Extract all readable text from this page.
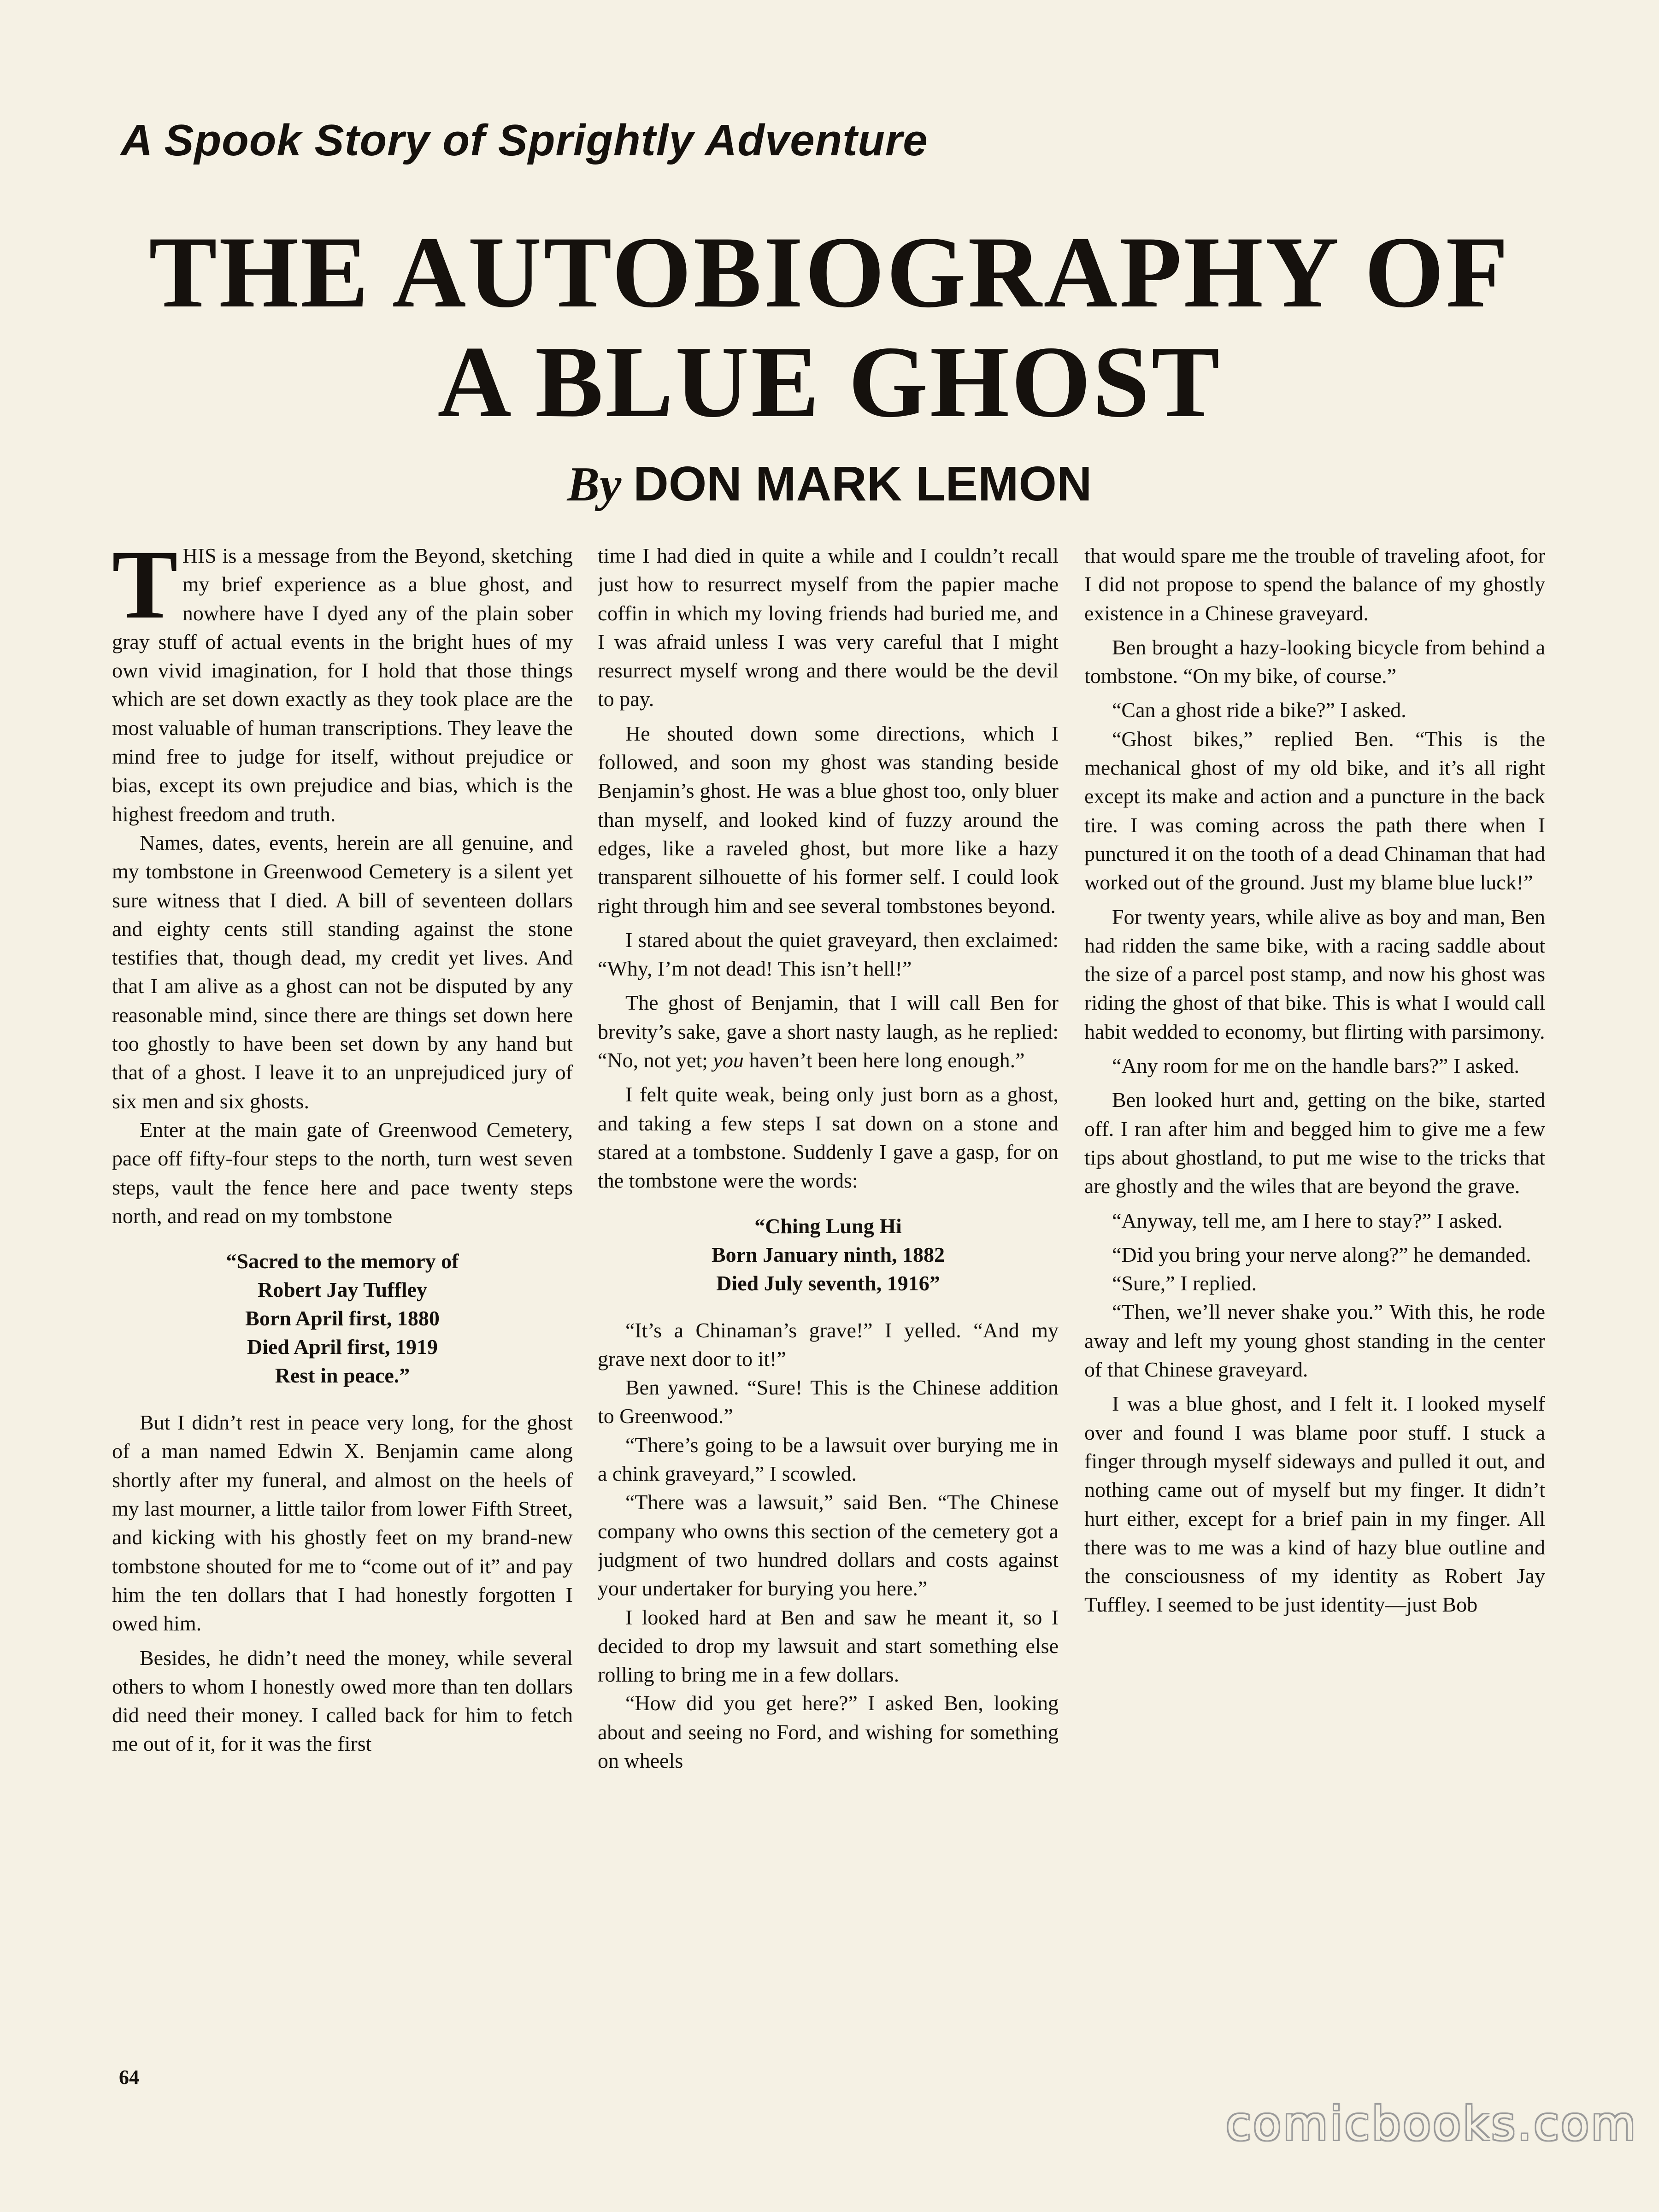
A Spook Story of Sprightly Adventure
THE AUTOBIOGRAPHY OF
A BLUE GHOST
By DON MARK LEMON

THIS is a message from the Beyond, sketching my brief experience as a blue ghost, and nowhere have I dyed any of the plain sober gray stuff of actual events in the bright hues of my own vivid imagination, for I hold that those things which are set down exactly as they took place are the most valuable of human transcriptions. They leave the mind free to judge for itself, without prejudice or bias, except its own prejudice and bias, which is the highest freedom and truth.

Names, dates, events, herein are all genuine, and my tombstone in Greenwood Cemetery is a silent yet sure witness that I died. A bill of seventeen dollars and eighty cents still standing against the stone testifies that, though dead, my credit yet lives. And that I am alive as a ghost can not be disputed by any reasonable mind, since there are things set down here too ghostly to have been set down by any hand but that of a ghost. I leave it to an unprejudiced jury of six men and six ghosts.

Enter at the main gate of Greenwood Cemetery, pace off fifty-four steps to the north, turn west seven steps, vault the fence here and pace twenty steps north, and read on my tombstone

“Sacred to the memory of
Robert Jay Tuffley
Born April first, 1880
Died April first, 1919
Rest in peace.”

But I didn’t rest in peace very long, for the ghost of a man named Edwin X. Benjamin came along shortly after my funeral, and almost on the heels of my last mourner, a little tailor from lower Fifth Street, and kicking with his ghostly feet on my brand-new tombstone shouted for me to “come out of it” and pay him the ten dollars that I had honestly forgotten I owed him.

Besides, he didn’t need the money, while several others to whom I honestly owed more than ten dollars did need their money. I called back for him to fetch me out of it, for it was the first

time I had died in quite a while and I couldn’t recall just how to resurrect myself from the papier mache coffin in which my loving friends had buried me, and I was afraid unless I was very careful that I might resurrect myself wrong and there would be the devil to pay.

He shouted down some directions, which I followed, and soon my ghost was standing beside Benjamin’s ghost. He was a blue ghost too, only bluer than myself, and looked kind of fuzzy around the edges, like a raveled ghost, but more like a hazy transparent silhouette of his former self. I could look right through him and see several tombstones beyond.

I stared about the quiet graveyard, then exclaimed: “Why, I’m not dead! This isn’t hell!”

The ghost of Benjamin, that I will call Ben for brevity’s sake, gave a short nasty laugh, as he replied: “No, not yet; you haven’t been here long enough.”

I felt quite weak, being only just born as a ghost, and taking a few steps I sat down on a stone and stared at a tombstone. Suddenly I gave a gasp, for on the tombstone were the words:

“Ching Lung Hi
Born January ninth, 1882
Died July seventh, 1916”

“It’s a Chinaman’s grave!” I yelled. “And my grave next door to it!”

Ben yawned. “Sure! This is the Chinese addition to Greenwood.”

“There’s going to be a lawsuit over burying me in a chink graveyard,” I scowled.

“There was a lawsuit,” said Ben. “The Chinese company who owns this section of the cemetery got a judgment of two hundred dollars and costs against your undertaker for burying you here.”

I looked hard at Ben and saw he meant it, so I decided to drop my lawsuit and start something else rolling to bring me in a few dollars.

“How did you get here?” I asked Ben, looking about and seeing no Ford, and wishing for something on wheels

that would spare me the trouble of traveling afoot, for I did not propose to spend the balance of my ghostly existence in a Chinese graveyard.

Ben brought a hazy-looking bicycle from behind a tombstone. “On my bike, of course.”

“Can a ghost ride a bike?” I asked.

“Ghost bikes,” replied Ben. “This is the mechanical ghost of my old bike, and it’s all right except its make and action and a puncture in the back tire. I was coming across the path there when I punctured it on the tooth of a dead Chinaman that had worked out of the ground. Just my blame blue luck!”

For twenty years, while alive as boy and man, Ben had ridden the same bike, with a racing saddle about the size of a parcel post stamp, and now his ghost was riding the ghost of that bike. This is what I would call habit wedded to economy, but flirting with parsimony.

“Any room for me on the handle bars?” I asked.

Ben looked hurt and, getting on the bike, started off. I ran after him and begged him to give me a few tips about ghostland, to put me wise to the tricks that are ghostly and the wiles that are beyond the grave.

“Anyway, tell me, am I here to stay?” I asked.

“Did you bring your nerve along?” he demanded.

“Sure,” I replied.

“Then, we’ll never shake you.” With this, he rode away and left my young ghost standing in the center of that Chinese graveyard.

I was a blue ghost, and I felt it. I looked myself over and found I was blame poor stuff. I stuck a finger through myself sideways and pulled it out, and nothing came out of myself but my finger. It didn’t hurt either, except for a brief pain in my finger. All there was to me was a kind of hazy blue outline and the consciousness of my identity as Robert Jay Tuffley. I seemed to be just identity—just Bob

64
comicbooks.com
